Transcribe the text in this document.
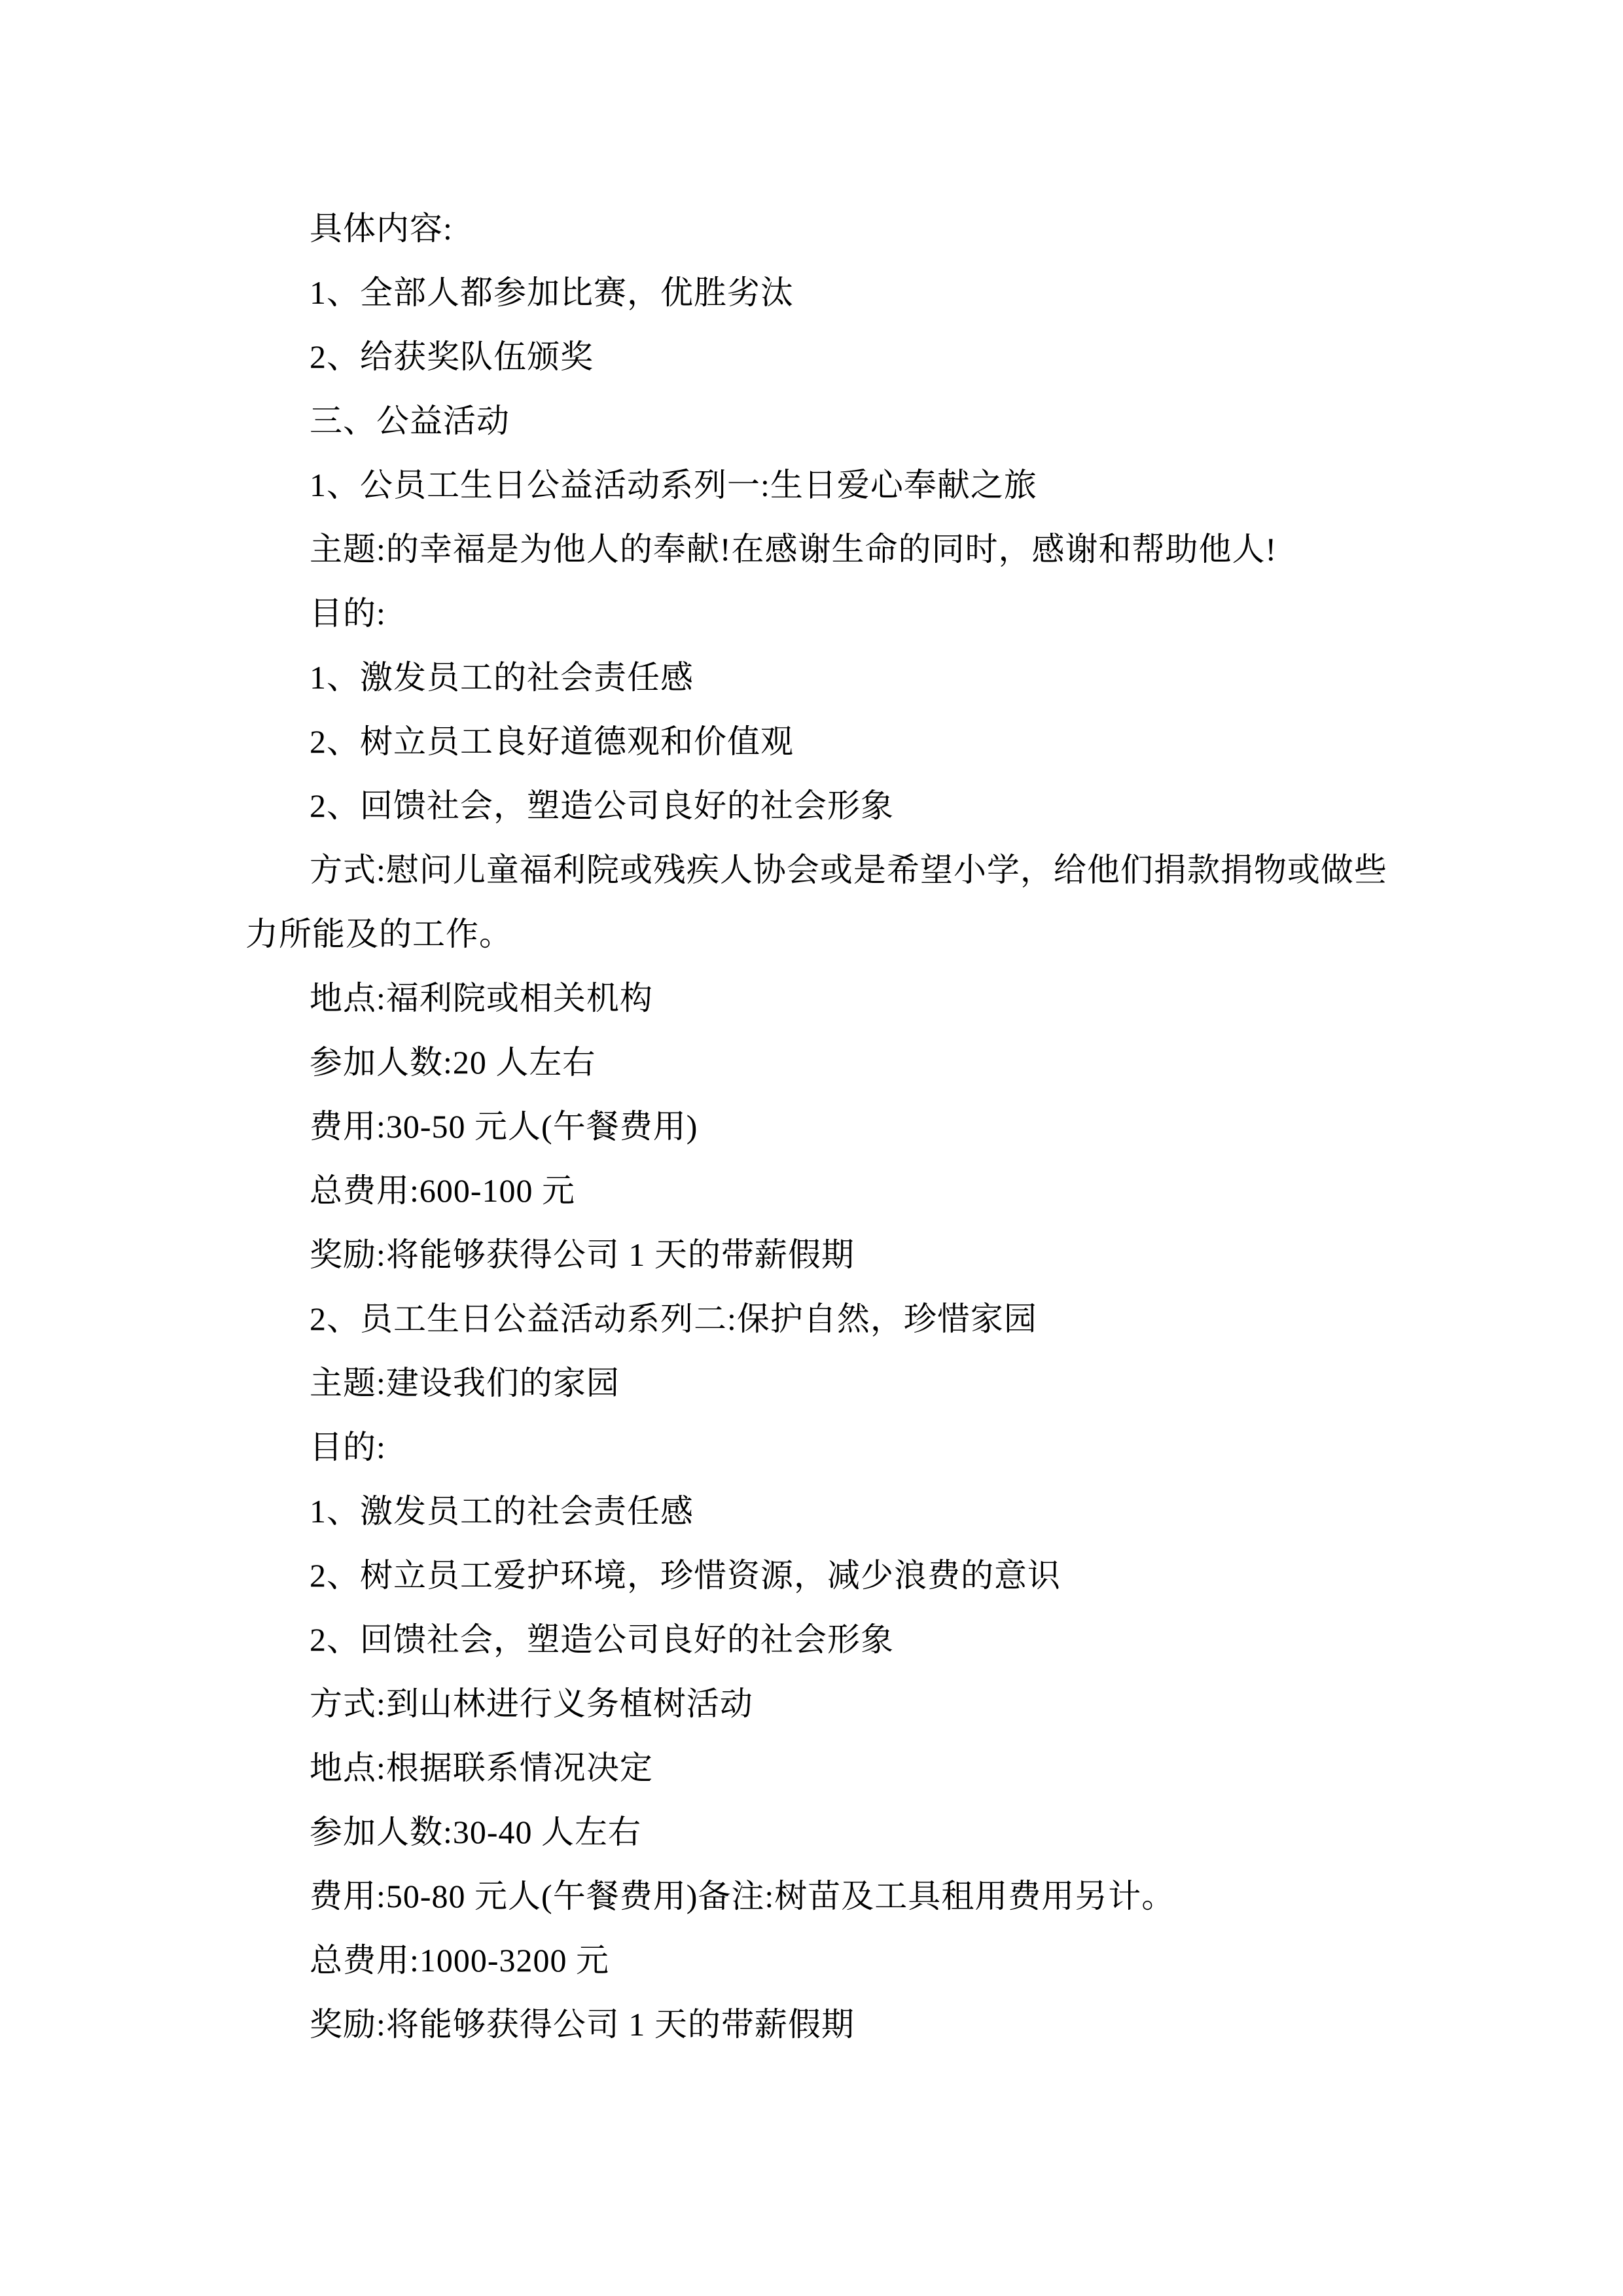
具体内容:
1、全部人都参加比赛，优胜劣汰
2、给获奖队伍颁奖
三、公益活动
1、公员工生日公益活动系列一:生日爱心奉献之旅
主题:的幸福是为他人的奉献!在感谢生命的同时，感谢和帮助他人!
目的:
1、激发员工的社会责任感
2、树立员工良好道德观和价值观
2、回馈社会，塑造公司良好的社会形象
方式:慰问儿童福利院或残疾人协会或是希望小学，给他们捐款捐物或做些
力所能及的工作。
地点:福利院或相关机构
参加人数:20 人左右
费用:30-50 元人(午餐费用)
总费用:600-100 元
奖励:将能够获得公司 1 天的带薪假期
2、员工生日公益活动系列二:保护自然，珍惜家园
主题:建设我们的家园
目的:
1、激发员工的社会责任感
2、树立员工爱护环境，珍惜资源，减少浪费的意识
2、回馈社会，塑造公司良好的社会形象
方式:到山林进行义务植树活动
地点:根据联系情况决定
参加人数:30-40 人左右
费用:50-80 元人(午餐费用)备注:树苗及工具租用费用另计。
总费用:1000-3200 元
奖励:将能够获得公司 1 天的带薪假期
